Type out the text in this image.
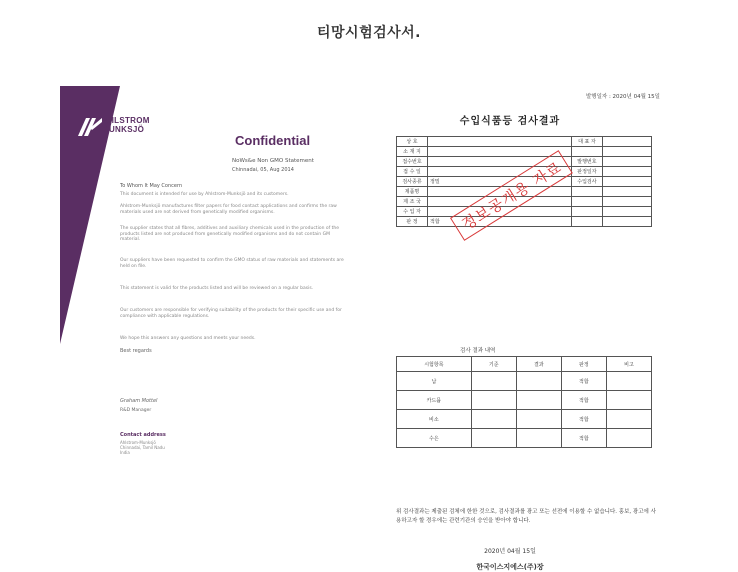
티망시험검사서.
AHLSTROM
MUNKSJÖ
Confidential
NoWs&e Non GMO Statement
Chinnadai, 05, Aug 2014
To Whom It May Concern
This document is intended for use by Ahlstrom-Munksjö and its customers.
Ahlstrom-Munksjö manufactures filter papers for food contact applications and confirms the raw materials used are not derived from genetically modified organisms.
The supplier states that all fibres, additives and auxiliary chemicals used in the production of the products listed are not produced from genetically modified organisms and do not contain GM material.
Our suppliers have been requested to confirm the GMO status of raw materials and statements are held on file.
This statement is valid for the products listed and will be reviewed on a regular basis.
Our customers are responsible for verifying suitability of the products for their specific use and for compliance with applicable regulations.
We hope this answers any questions and meets your needs.
Best regards
Graham Mottel
R&D Manager
Contact address
Ahlstrom-Munksjö
Chinnadai, Tamil Nadu
India
발행일자 : 2020년 04월 15일
수입식품등 검사결과
상 호		대 표 자	
소 재 지			
접수번호		발행번호	
접 수 일		판정일자	
검사종류	정밀	수입검사	
제품명			
제 조 국			
수 입 자			
판 정	적합		
검사 결과 내역
시험항목	기준	결과	판정	비고
납			적합	
카드뮴			적합	
비소			적합	
수은			적합	
위 검사결과는 제출된 검체에 한한 것으로, 검사결과를 광고 또는 선전에 이용할 수 없습니다. 홍보, 광고에 사용하고자 할 경우에는 관련기관의 승인을 받아야 합니다.
2020년 04월 15일
한국이스지에스(주)장
정보공개용 자료
